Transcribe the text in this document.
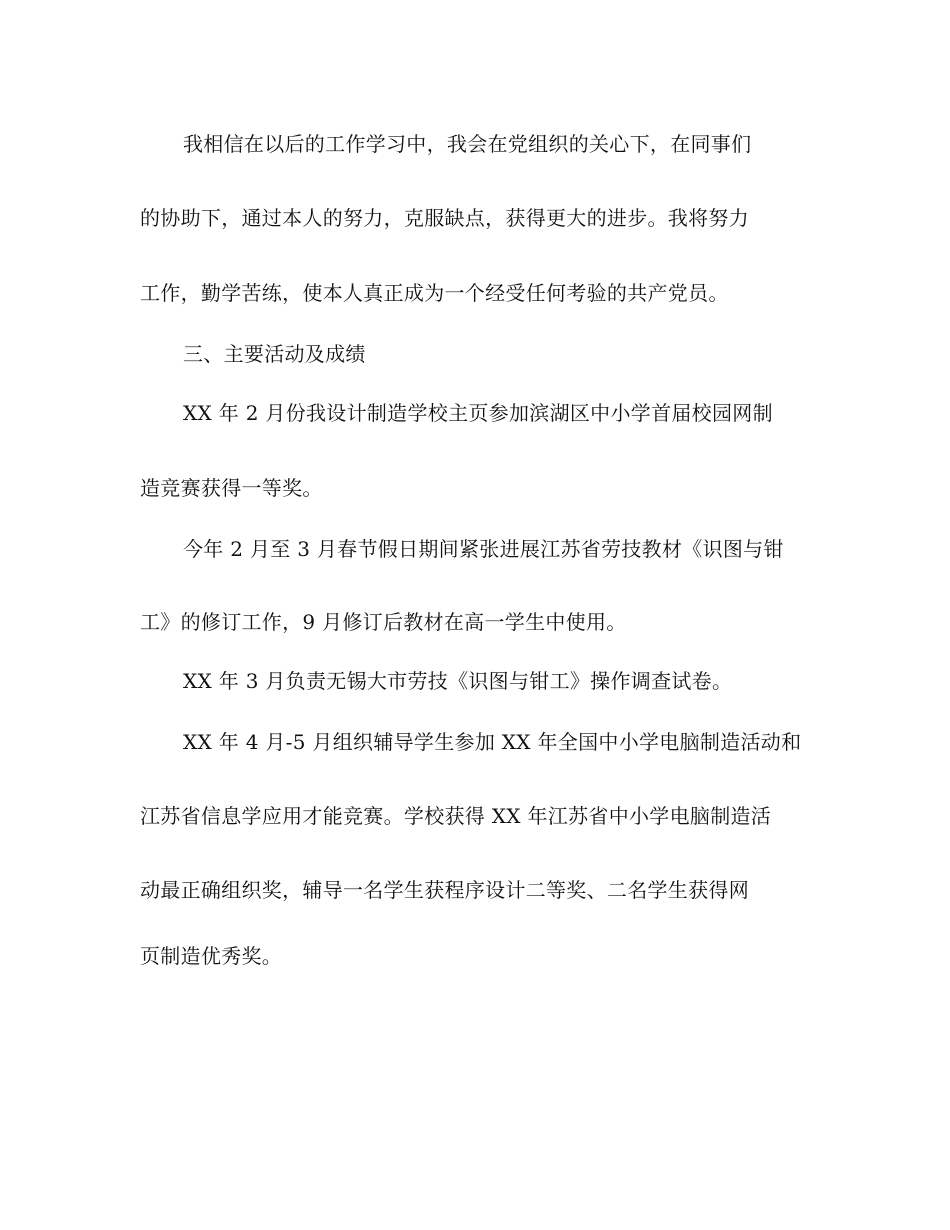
我相信在以后的工作学习中，我会在党组织的关心下，在同事们
的协助下，通过本人的努力，克服缺点，获得更大的进步。我将努力
工作，勤学苦练，使本人真正成为一个经受任何考验的共产党员。
三、主要活动及成绩
XX 年 2 月份我设计制造学校主页参加滨湖区中小学首届校园网制
造竞赛获得一等奖。
今年 2 月至 3 月春节假日期间紧张进展江苏省劳技教材《识图与钳
工》的修订工作，9 月修订后教材在高一学生中使用。
XX 年 3 月负责无锡大市劳技《识图与钳工》操作调查试卷。
XX 年 4 月-5 月组织辅导学生参加 XX 年全国中小学电脑制造活动和
江苏省信息学应用才能竞赛。学校获得 XX 年江苏省中小学电脑制造活
动最正确组织奖，辅导一名学生获程序设计二等奖、二名学生获得网
页制造优秀奖。
